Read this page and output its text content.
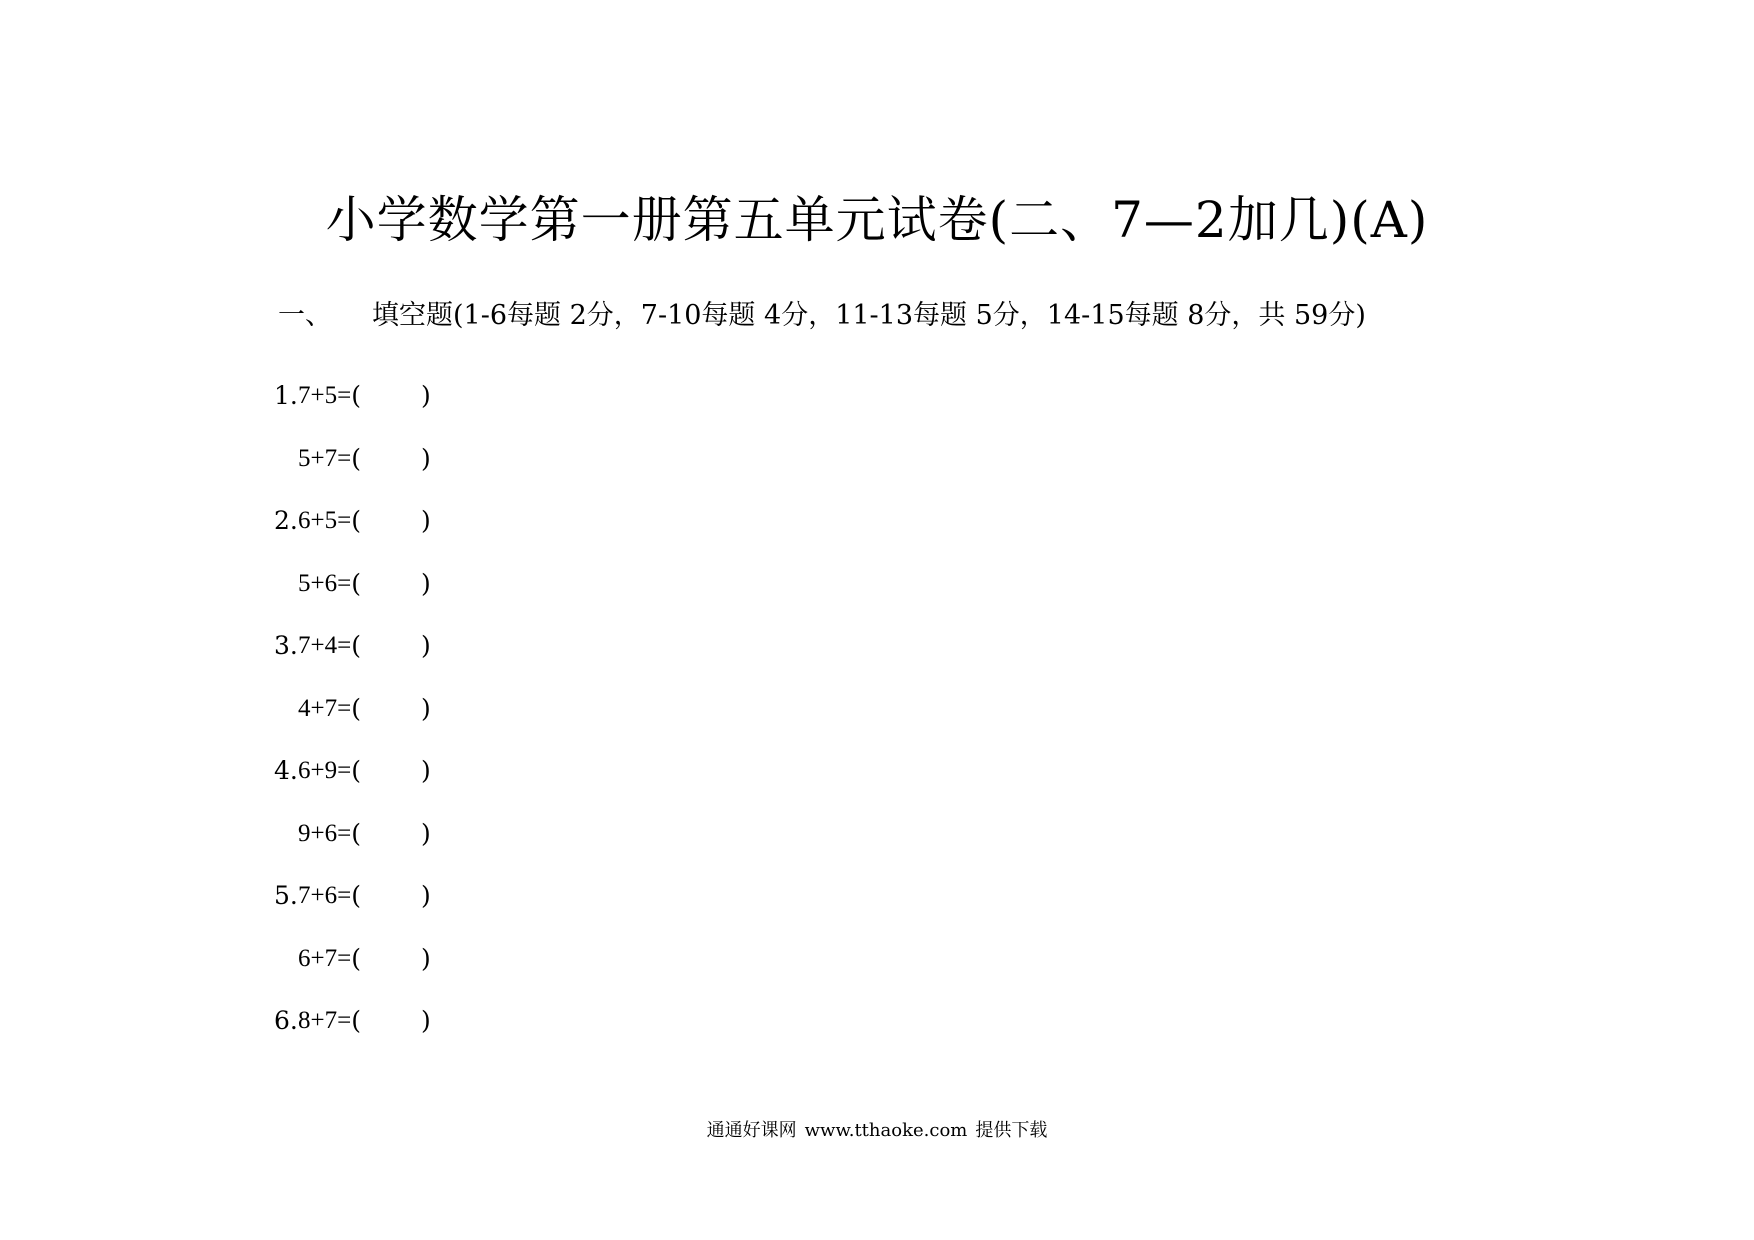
小学数学第一册第五单元试卷(二、7—2加几)(A)
一、 填空题(1-6每题 2分，7-10每题 4分，11-13每题 5分，14-15每题 8分，共 59分)
1. 7+5= ( )
5+7= ( )
2. 6+5= ( )
5+6= ( )
3. 7+4= ( )
4+7= ( )
4. 6+9= ( )
9+6= ( )
5. 7+6= ( )
6+7= ( )
6. 8+7= ( )
通通好课网 www.tthaoke.com 提供下载
